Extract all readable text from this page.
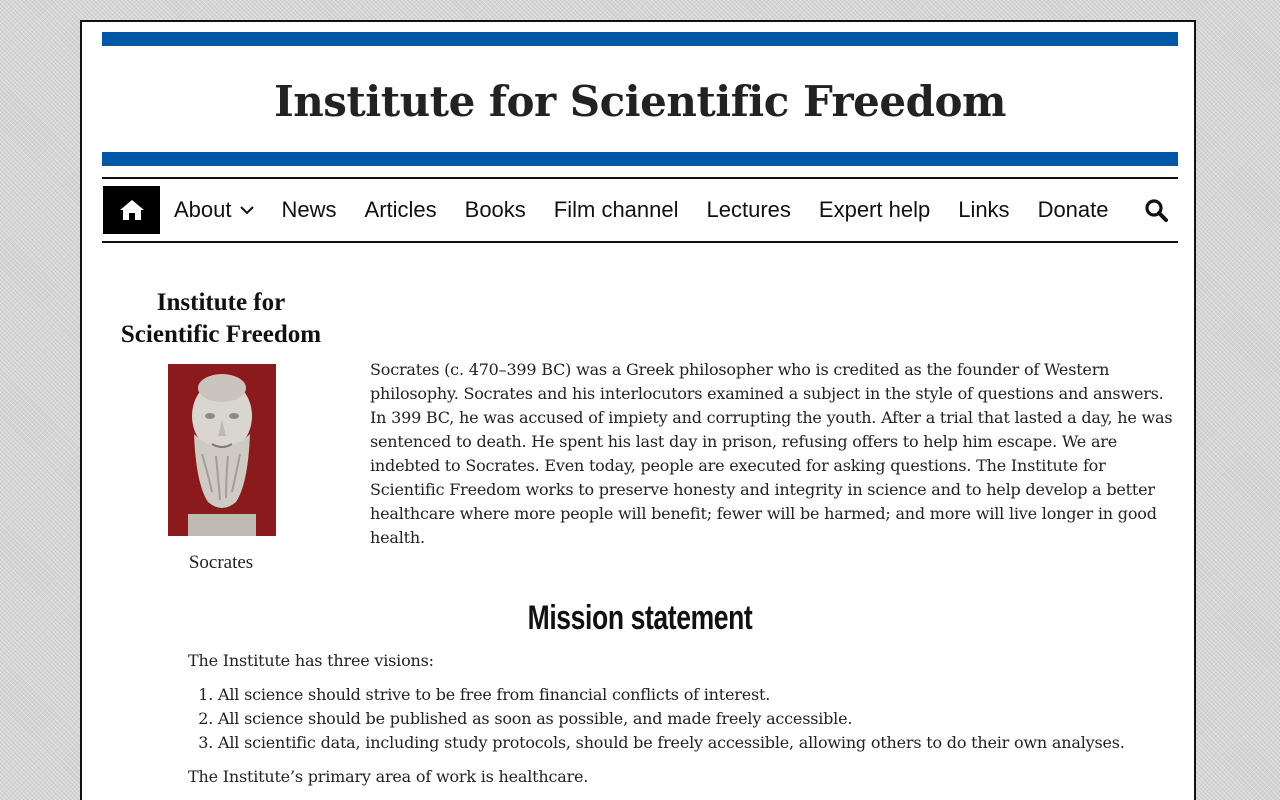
Institute for Scientific Freedom
About News Articles Books Film channel Lectures Expert help Links Donate
Institute for
Scientific Freedom
Socrates

Socrates (c. 470–399 BC) was a Greek philosopher who is credited as the founder of Western philosophy. Socrates and his interlocutors examined a subject in the style of questions and answers. In 399 BC, he was accused of impiety and corrupting the youth. After a trial that lasted a day, he was sentenced to death. He spent his last day in prison, refusing offers to help him escape. We are indebted to Socrates. Even today, people are executed for asking questions. The Institute for Scientific Freedom works to preserve honesty and integrity in science and to help develop a better healthcare where more people will benefit; fewer will be harmed; and more will live longer in good health.

Mission statement

The Institute has three visions:

1. All science should strive to be free from financial conflicts of interest.
2. All science should be published as soon as possible, and made freely accessible.
3. All scientific data, including study protocols, should be freely accessible, allowing others to do their own analyses.

The Institute’s primary area of work is healthcare.
